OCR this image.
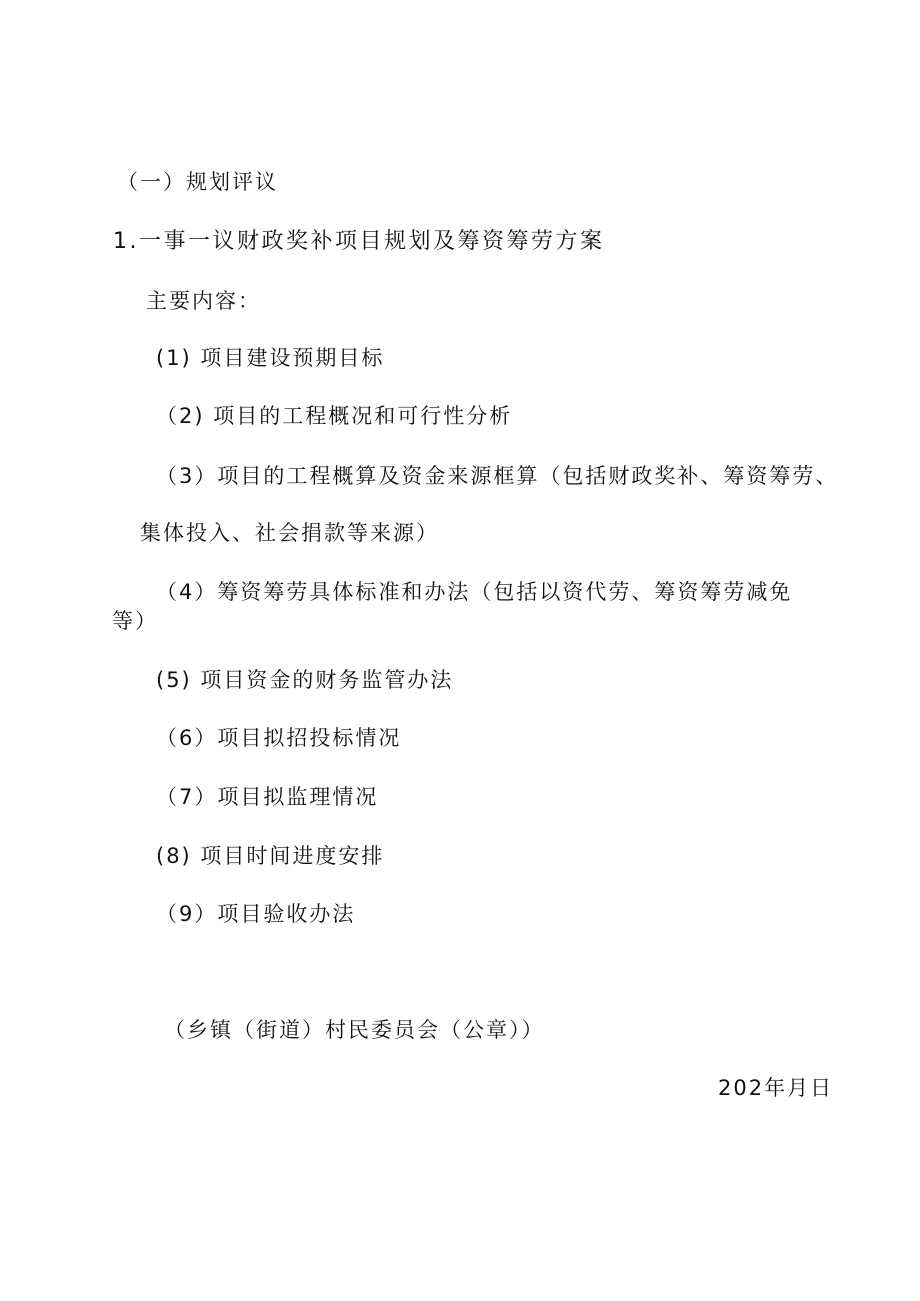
（一）规划评议
1.一事一议财政奖补项目规划及筹资筹劳方案
主要内容：
(1) 项目建设预期目标
（2) 项目的工程概况和可行性分析
（3）项目的工程概算及资金来源框算（包括财政奖补、筹资筹劳、
集体投入、社会捐款等来源）
（4）筹资筹劳具体标准和办法（包括以资代劳、筹资筹劳减免
等）
(5) 项目资金的财务监管办法
（6）项目拟招投标情况
（7）项目拟监理情况
(8) 项目时间进度安排
（9）项目验收办法
（乡镇（街道）村民委员会（公章））
202年月日
